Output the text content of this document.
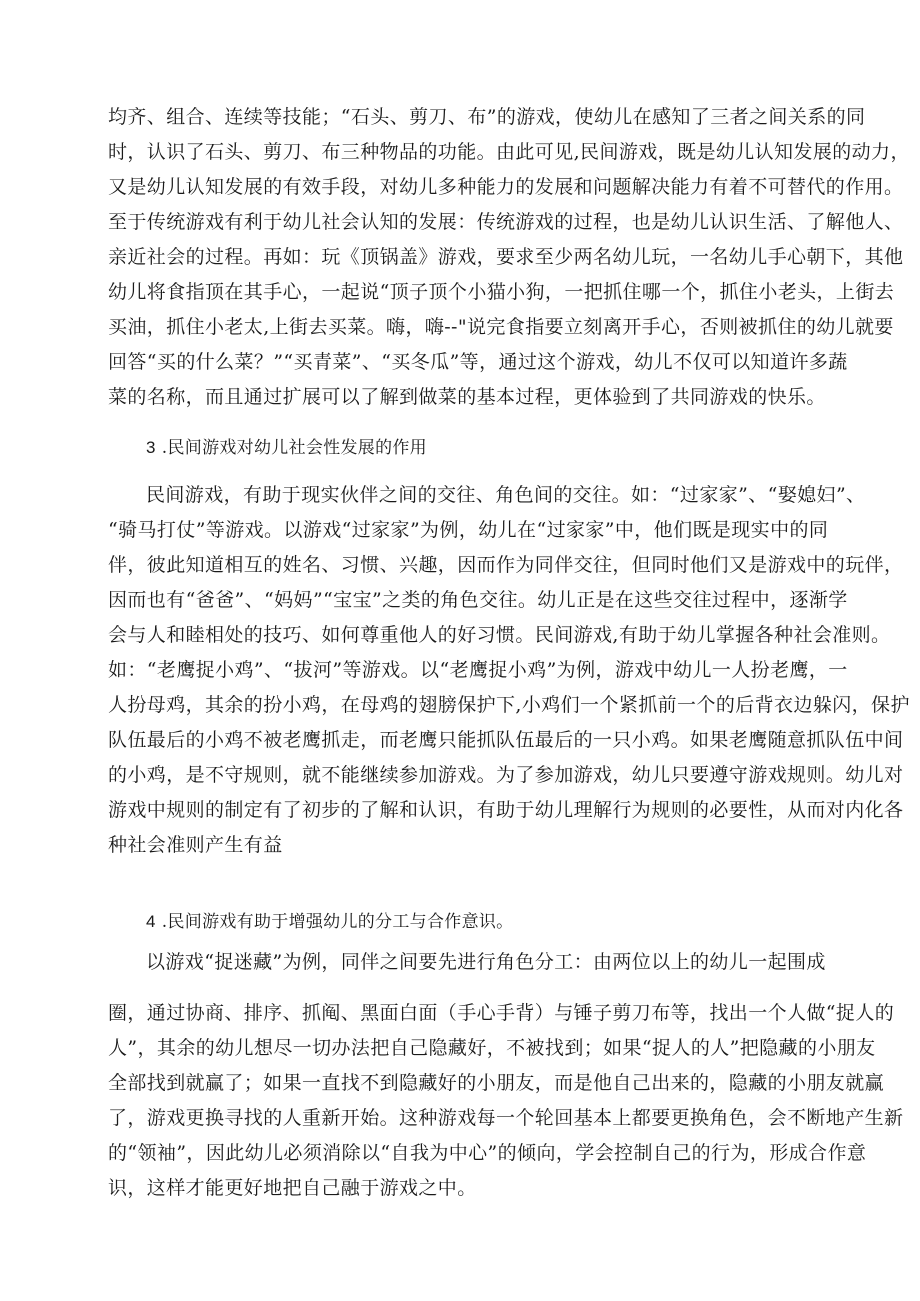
均齐、组合、连续等技能；“石头、剪刀、布”的游戏，使幼儿在感知了三者之间关系的同
时，认识了石头、剪刀、布三种物品的功能。由此可见,民间游戏，既是幼儿认知发展的动力，
又是幼儿认知发展的有效手段，对幼儿多种能力的发展和问题解决能力有着不可替代的作用。
至于传统游戏有利于幼儿社会认知的发展：传统游戏的过程，也是幼儿认识生活、了解他人、
亲近社会的过程。再如：玩《顶锅盖》游戏，要求至少两名幼儿玩，一名幼儿手心朝下，其他
幼儿将食指顶在其手心，一起说“顶子顶个小猫小狗，一把抓住哪一个，抓住小老头，上街去
买油，抓住小老太,上街去买菜。嗨，嗨--"说完食指要立刻离开手心，否则被抓住的幼儿就要
回答“买的什么菜？”“买青菜”、“买冬瓜”等，通过这个游戏，幼儿不仅可以知道许多蔬
菜的名称，而且通过扩展可以了解到做菜的基本过程，更体验到了共同游戏的快乐。
3 .民间游戏对幼儿社会性发展的作用
民间游戏，有助于现实伙伴之间的交往、角色间的交往。如：“过家家”、“娶媳妇”、
“骑马打仗”等游戏。以游戏“过家家”为例，幼儿在“过家家”中，他们既是现实中的同
伴，彼此知道相互的姓名、习惯、兴趣，因而作为同伴交往，但同时他们又是游戏中的玩伴，
因而也有“爸爸”、“妈妈”“宝宝”之类的角色交往。幼儿正是在这些交往过程中，逐渐学
会与人和睦相处的技巧、如何尊重他人的好习惯。民间游戏,有助于幼儿掌握各种社会准则。
如：“老鹰捉小鸡”、“拔河”等游戏。以“老鹰捉小鸡”为例，游戏中幼儿一人扮老鹰，一
人扮母鸡，其余的扮小鸡，在母鸡的翅膀保护下,小鸡们一个紧抓前一个的后背衣边躲闪，保护
队伍最后的小鸡不被老鹰抓走，而老鹰只能抓队伍最后的一只小鸡。如果老鹰随意抓队伍中间
的小鸡，是不守规则，就不能继续参加游戏。为了参加游戏，幼儿只要遵守游戏规则。幼儿对
游戏中规则的制定有了初步的了解和认识，有助于幼儿理解行为规则的必要性，从而对内化各
种社会准则产生有益
4 .民间游戏有助于增强幼儿的分工与合作意识。
以游戏“捉迷藏”为例，同伴之间要先进行角色分工：由两位以上的幼儿一起围成
圈，通过协商、排序、抓阄、黑面白面（手心手背）与锤子剪刀布等，找出一个人做“捉人的
人”，其余的幼儿想尽一切办法把自己隐藏好，不被找到；如果“捉人的人”把隐藏的小朋友
全部找到就赢了；如果一直找不到隐藏好的小朋友，而是他自己出来的，隐藏的小朋友就赢
了，游戏更换寻找的人重新开始。这种游戏每一个轮回基本上都要更换角色，会不断地产生新
的“领袖”，因此幼儿必须消除以“自我为中心”的倾向，学会控制自己的行为，形成合作意
识，这样才能更好地把自己融于游戏之中。
